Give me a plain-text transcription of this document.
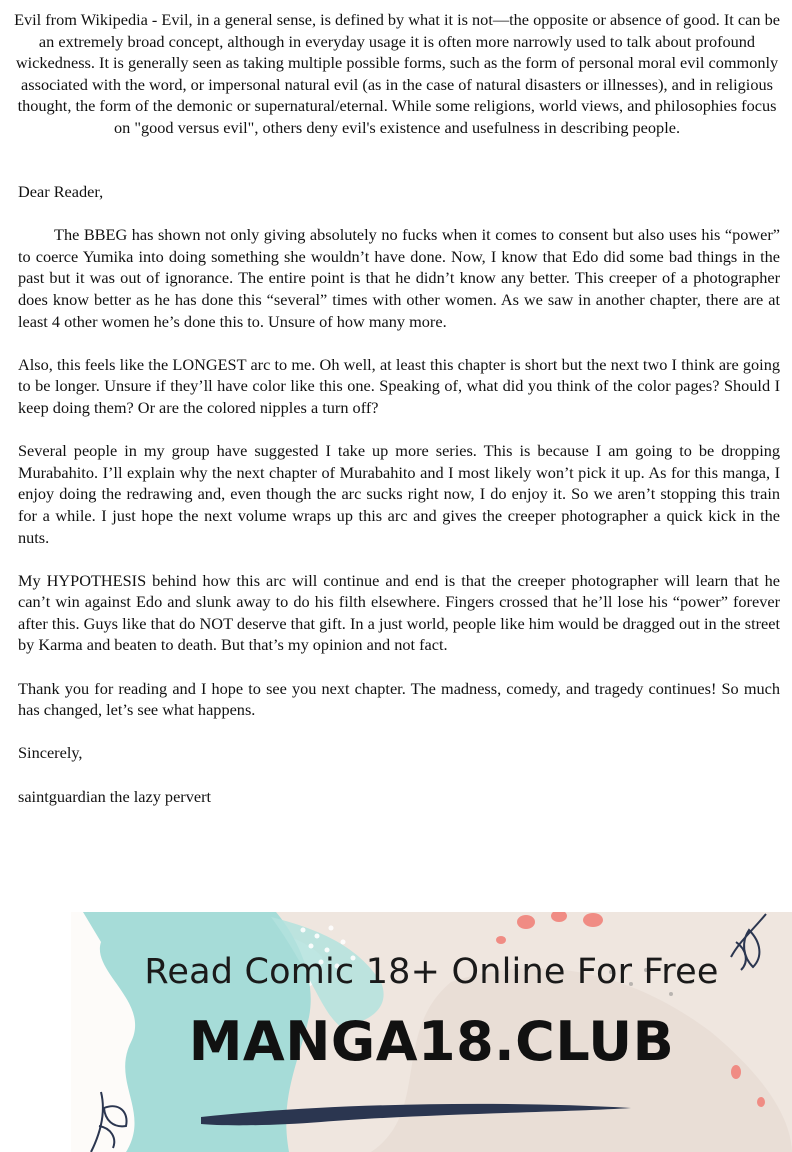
Evil from Wikipedia - Evil, in a general sense, is defined by what it is not—the opposite or absence of good. It can be an extremely broad concept, although in everyday usage it is often more narrowly used to talk about profound wickedness. It is generally seen as taking multiple possible forms, such as the form of personal moral evil commonly associated with the word, or impersonal natural evil (as in the case of natural disasters or illnesses), and in religious thought, the form of the demonic or supernatural/eternal. While some religions, world views, and philosophies focus on "good versus evil", others deny evil's existence and usefulness in describing people.

Dear Reader,

The BBEG has shown not only giving absolutely no fucks when it comes to consent but also uses his “power” to coerce Yumika into doing something she wouldn’t have done. Now, I know that Edo did some bad things in the past but it was out of ignorance. The entire point is that he didn’t know any better. This creeper of a photographer does know better as he has done this “several” times with other women. As we saw in another chapter, there are at least 4 other women he’s done this to. Unsure of how many more.

Also, this feels like the LONGEST arc to me. Oh well, at least this chapter is short but the next two I think are going to be longer. Unsure if they’ll have color like this one. Speaking of, what did you think of the color pages? Should I keep doing them? Or are the colored nipples a turn off?

Several people in my group have suggested I take up more series. This is because I am going to be dropping Murabahito. I’ll explain why the next chapter of Murabahito and I most likely won’t pick it up. As for this manga, I enjoy doing the redrawing and, even though the arc sucks right now, I do enjoy it. So we aren’t stopping this train for a while. I just hope the next volume wraps up this arc and gives the creeper photographer a quick kick in the nuts.

My HYPOTHESIS behind how this arc will continue and end is that the creeper photographer will learn that he can’t win against Edo and slunk away to do his filth elsewhere. Fingers crossed that he’ll lose his “power” forever after this. Guys like that do NOT deserve that gift. In a just world, people like him would be dragged out in the street by Karma and beaten to death. But that’s my opinion and not fact.

Thank you for reading and I hope to see you next chapter. The madness, comedy, and tragedy continues! So much has changed, let’s see what happens.

Sincerely,

saintguardian the lazy pervert

Read Comic 18+ Online For Free
MANGA18.CLUB
